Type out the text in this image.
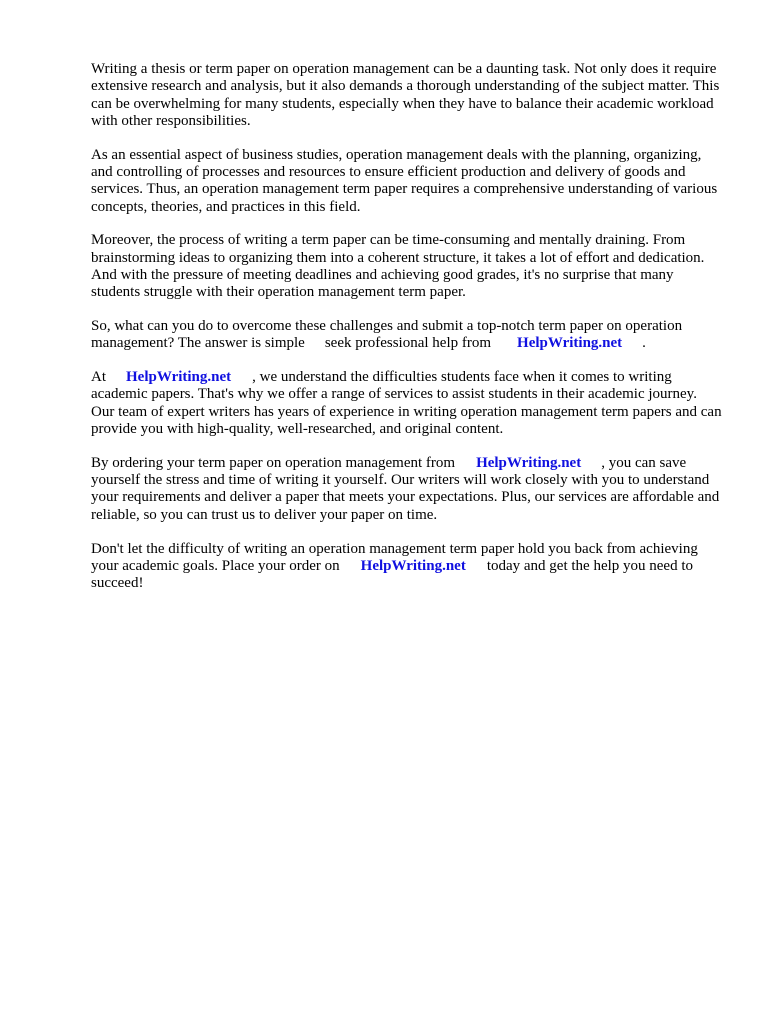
Writing a thesis or term paper on operation management can be a daunting task. Not only does it require extensive research and analysis, but it also demands a thorough understanding of the subject matter. This can be overwhelming for many students, especially when they have to balance their academic workload with other responsibilities.

As an essential aspect of business studies, operation management deals with the planning, organizing, and controlling of processes and resources to ensure efficient production and delivery of goods and services. Thus, an operation management term paper requires a comprehensive understanding of various concepts, theories, and practices in this field.

Moreover, the process of writing a term paper can be time-consuming and mentally draining. From brainstorming ideas to organizing them into a coherent structure, it takes a lot of effort and dedication. And with the pressure of meeting deadlines and achieving good grades, it's no surprise that many students struggle with their operation management term paper.

So, what can you do to overcome these challenges and submit a top-notch term paper on operation management? The answer is simple seek professional help from HelpWriting.net .

At HelpWriting.net , we understand the difficulties students face when it comes to writing academic papers. That's why we offer a range of services to assist students in their academic journey. Our team of expert writers has years of experience in writing operation management term papers and can provide you with high-quality, well-researched, and original content.

By ordering your term paper on operation management from HelpWriting.net , you can save yourself the stress and time of writing it yourself. Our writers will work closely with you to understand your requirements and deliver a paper that meets your expectations. Plus, our services are affordable and reliable, so you can trust us to deliver your paper on time.

Don't let the difficulty of writing an operation management term paper hold you back from achieving your academic goals. Place your order on HelpWriting.net today and get the help you need to succeed!
